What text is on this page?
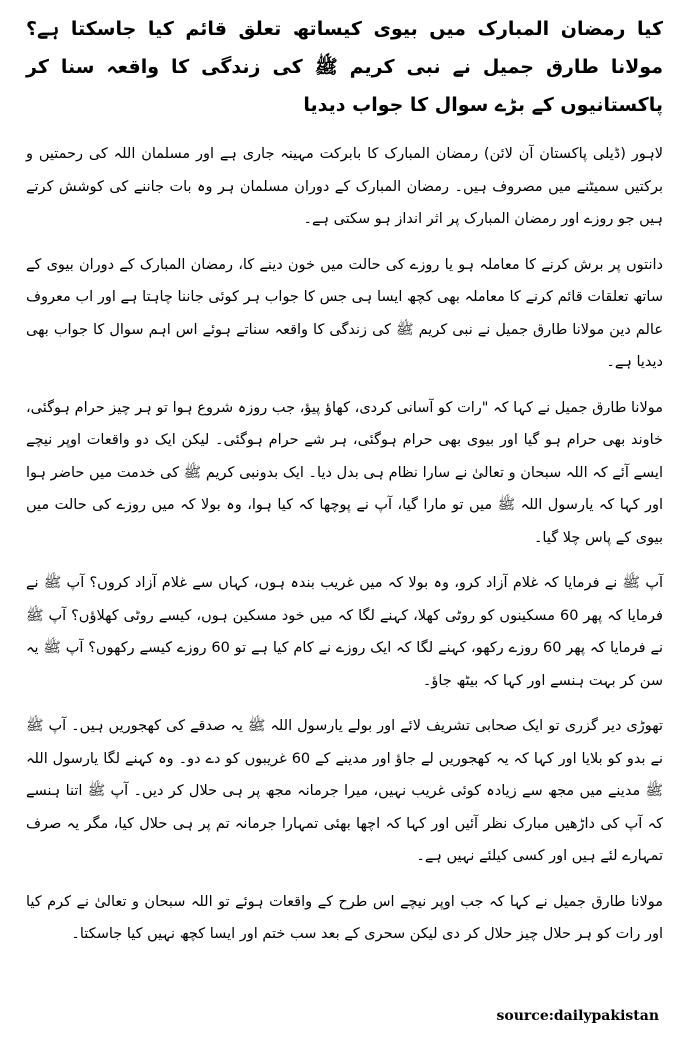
کیا رمضان المبارک میں بیوی کیساتھ تعلق قائم کیا جاسکتا ہے؟ مولانا طارق جمیل نے نبی کریم ﷺ کی زندگی کا واقعہ سنا کر پاکستانیوں کے بڑے سوال کا جواب دیدیا

لاہور (ڈیلی پاکستان آن لائن) رمضان المبارک کا بابرکت مہینہ جاری ہے اور مسلمان اللہ کی رحمتیں و برکتیں سمیٹنے میں مصروف ہیں۔ رمضان المبارک کے دوران مسلمان ہر وہ بات جاننے کی کوشش کرتے ہیں جو روزے اور رمضان المبارک پر اثر انداز ہو سکتی ہے۔

دانتوں پر برش کرنے کا معاملہ ہو یا روزے کی حالت میں خون دینے کا، رمضان المبارک کے دوران بیوی کے ساتھ تعلقات قائم کرنے کا معاملہ بھی کچھ ایسا ہی جس کا جواب ہر کوئی جاننا چاہتا ہے اور اب معروف عالم دین مولانا طارق جمیل نے نبی کریم ﷺ کی زندگی کا واقعہ سناتے ہوئے اس اہم سوال کا جواب بھی دیدیا ہے۔

مولانا طارق جمیل نے کہا کہ "رات کو آسانی کردی، کھاؤ پیؤ، جب روزہ شروع ہوا تو ہر چیز حرام ہوگئی، خاوند بھی حرام ہو گیا اور بیوی بھی حرام ہوگئی، ہر شے حرام ہوگئی۔ لیکن ایک دو واقعات اوپر نیچے ایسے آئے کہ اللہ سبحان و تعالیٰ نے سارا نظام ہی بدل دیا۔ ایک بدونبی کریم ﷺ کی خدمت میں حاضر ہوا اور کہا کہ یارسول اللہ ﷺ میں تو مارا گیا، آپ نے پوچھا کہ کیا ہوا، وہ بولا کہ میں روزے کی حالت میں بیوی کے پاس چلا گیا۔

آپ ﷺ نے فرمایا کہ غلام آزاد کرو، وہ بولا کہ میں غریب بندہ ہوں، کہاں سے غلام آزاد کروں؟ آپ ﷺ نے فرمایا کہ پھر 60 مسکینوں کو روٹی کھلا، کہنے لگا کہ میں خود مسکین ہوں، کیسے روٹی کھلاؤں؟ آپ ﷺ نے فرمایا کہ پھر 60 روزے رکھو، کہنے لگا کہ ایک روزے نے کام کیا ہے تو 60 روزے کیسے رکھوں؟ آپ ﷺ یہ سن کر بہت ہنسے اور کہا کہ بیٹھ جاؤ۔

تھوڑی دیر گزری تو ایک صحابی تشریف لائے اور بولے یارسول اللہ ﷺ یہ صدقے کی کھجوریں ہیں۔ آپ ﷺ نے بدو کو بلایا اور کہا کہ یہ کھجوریں لے جاؤ اور مدینے کے 60 غریبوں کو دے دو۔ وہ کہنے لگا یارسول اللہ ﷺ مدینے میں مجھ سے زیادہ کوئی غریب نہیں، میرا جرمانہ مجھ پر ہی حلال کر دیں۔ آپ ﷺ اتنا ہنسے کہ آپ کی داڑھیں مبارک نظر آئیں اور کہا کہ اچھا بھئی تمہارا جرمانہ تم پر ہی حلال کیا، مگر یہ صرف تمہارے لئے ہیں اور کسی کیلئے نہیں ہے۔

مولانا طارق جمیل نے کہا کہ جب اوپر نیچے اس طرح کے واقعات ہوئے تو اللہ سبحان و تعالیٰ نے کرم کیا اور رات کو ہر حلال چیز حلال کر دی لیکن سحری کے بعد سب ختم اور ایسا کچھ نہیں کیا جاسکتا۔

source:dailypakistan
